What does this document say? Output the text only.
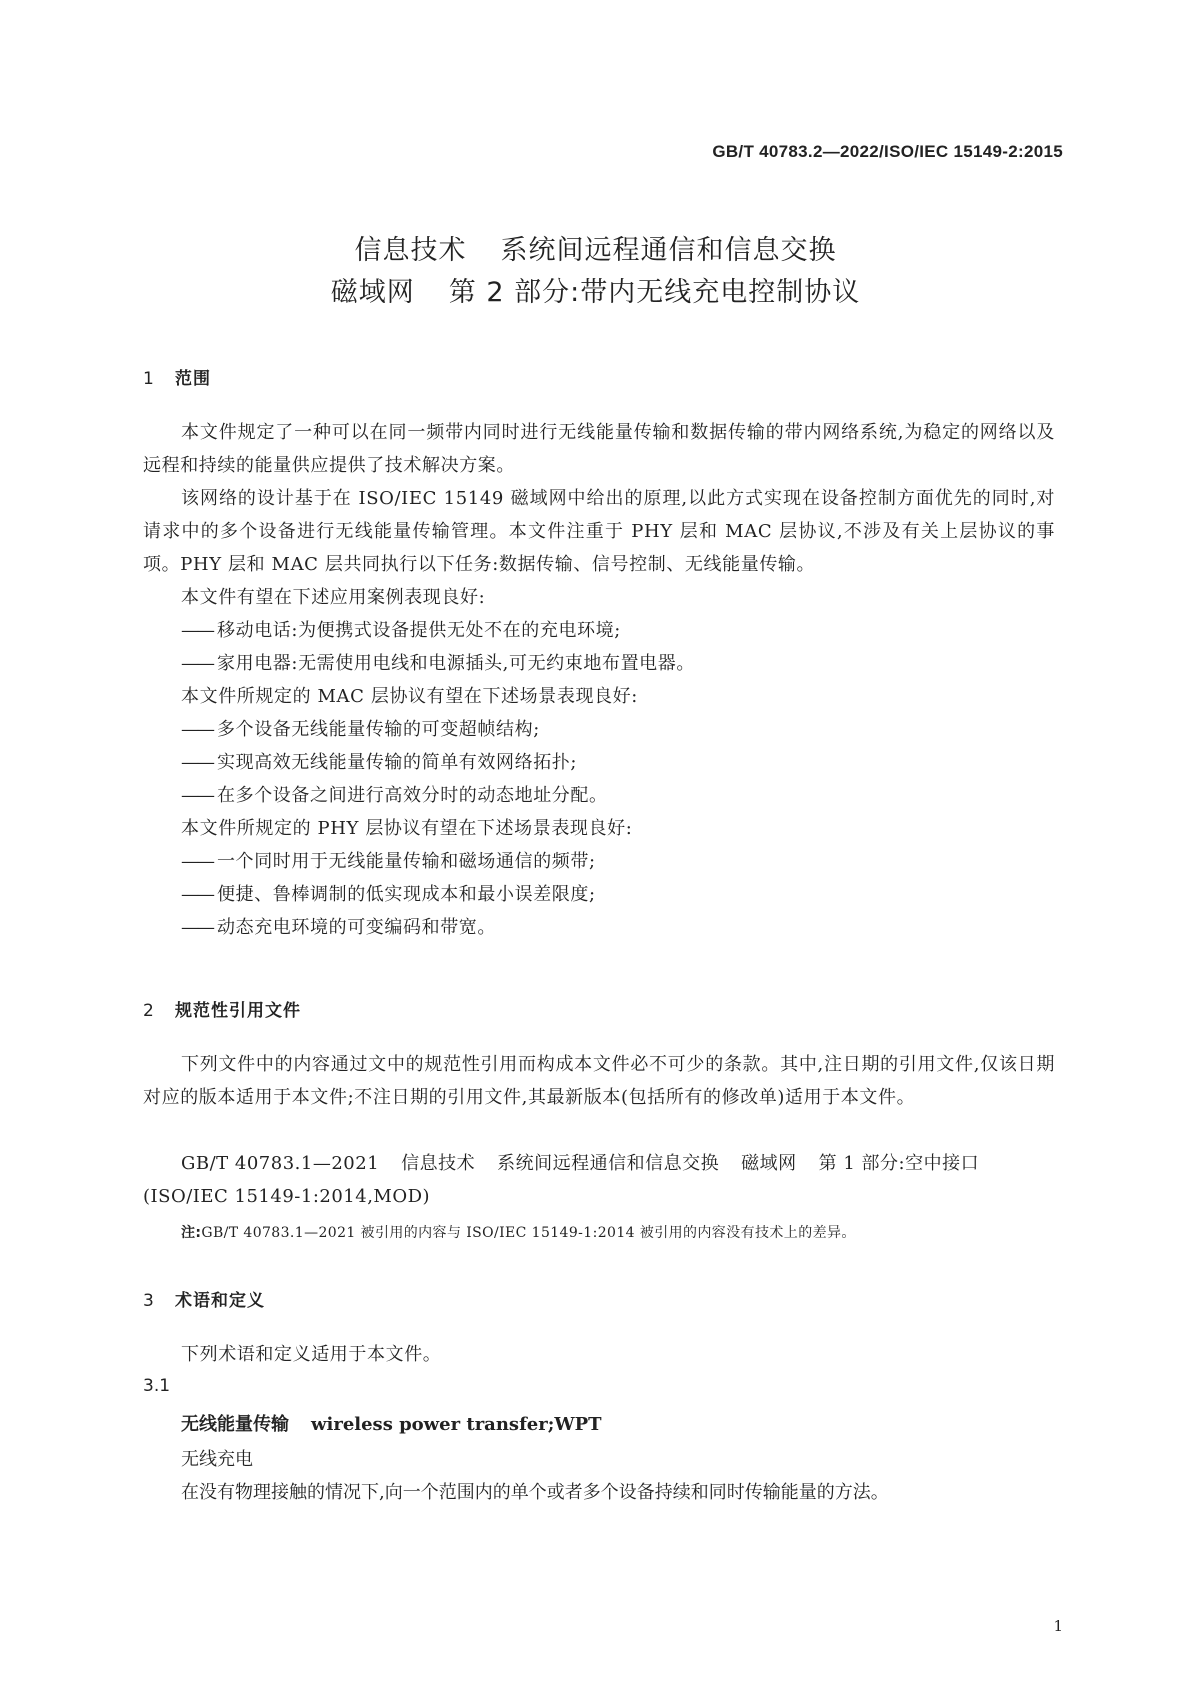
GB/T 40783.2—2022/ISO/IEC 15149-2:2015
信息技术 系统间远程通信和信息交换
磁域网 第 2 部分:带内无线充电控制协议
1 范围
本文件规定了一种可以在同一频带内同时进行无线能量传输和数据传输的带内网络系统,为稳定的网络以及远程和持续的能量供应提供了技术解决方案。
该网络的设计基于在 ISO/IEC 15149 磁域网中给出的原理,以此方式实现在设备控制方面优先的同时,对请求中的多个设备进行无线能量传输管理。本文件注重于 PHY 层和 MAC 层协议,不涉及有关上层协议的事项。PHY 层和 MAC 层共同执行以下任务:数据传输、信号控制、无线能量传输。
本文件有望在下述应用案例表现良好:
—— 移动电话:为便携式设备提供无处不在的充电环境;
—— 家用电器:无需使用电线和电源插头,可无约束地布置电器。
本文件所规定的 MAC 层协议有望在下述场景表现良好:
—— 多个设备无线能量传输的可变超帧结构;
—— 实现高效无线能量传输的简单有效网络拓扑;
—— 在多个设备之间进行高效分时的动态地址分配。
本文件所规定的 PHY 层协议有望在下述场景表现良好:
—— 一个同时用于无线能量传输和磁场通信的频带;
—— 便捷、鲁棒调制的低实现成本和最小误差限度;
—— 动态充电环境的可变编码和带宽。
2 规范性引用文件
下列文件中的内容通过文中的规范性引用而构成本文件必不可少的条款。其中,注日期的引用文件,仅该日期对应的版本适用于本文件;不注日期的引用文件,其最新版本(包括所有的修改单)适用于本文件。
GB/T 40783.1—2021 信息技术 系统间远程通信和信息交换 磁域网 第 1 部分:空中接口
(ISO/IEC 15149-1:2014,MOD)
注:GB/T 40783.1—2021 被引用的内容与 ISO/IEC 15149-1:2014 被引用的内容没有技术上的差异。
3 术语和定义
下列术语和定义适用于本文件。
3.1
无线能量传输 wireless power transfer;WPT
无线充电
在没有物理接触的情况下,向一个范围内的单个或者多个设备持续和同时传输能量的方法。
1
